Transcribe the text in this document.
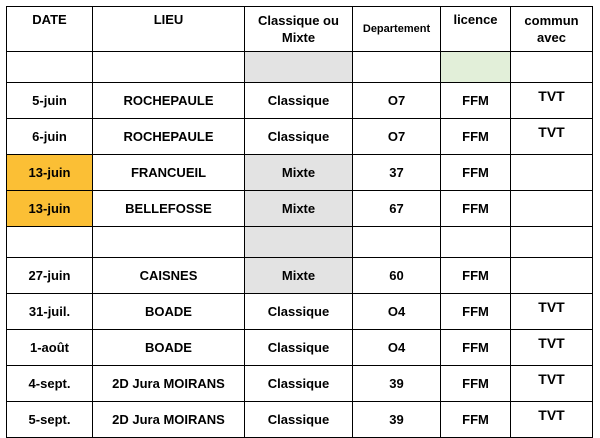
DATE	LIEU	Classique ou Mixte	Departement	licence	commun avec

5-juin	ROCHEPAULE	Classique	O7	FFM	TVT
6-juin	ROCHEPAULE	Classique	O7	FFM	TVT
13-juin	FRANCUEIL	Mixte	37	FFM	
13-juin	BELLEFOSSE	Mixte	67	FFM	

27-juin	CAISNES	Mixte	60	FFM	
31-juil.	BOADE	Classique	O4	FFM	TVT
1-août	BOADE	Classique	O4	FFM	TVT
4-sept.	2D Jura MOIRANS	Classique	39	FFM	TVT
5-sept.	2D Jura MOIRANS	Classique	39	FFM	TVT
